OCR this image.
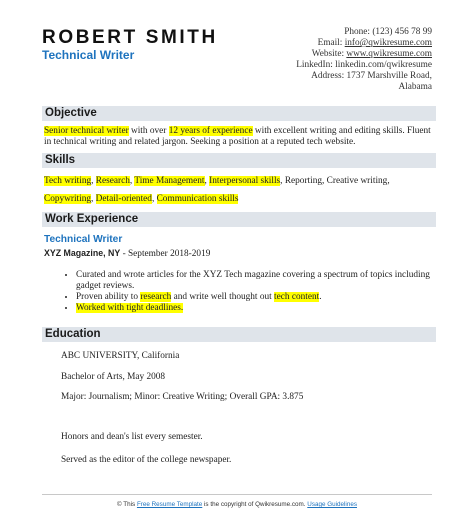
ROBERT SMITH
Technical Writer
Phone: (123) 456 78 99
Email: info@qwikresume.com
Website: www.qwikresume.com
LinkedIn: linkedin.com/qwikresume
Address: 1737 Marshville Road,
Alabama
Objective
Senior technical writer with over 12 years of experience with excellent writing and editing skills. Fluent in technical writing and related jargon. Seeking a position at a reputed tech website.
Skills
Tech writing, Research, Time Management, Interpersonal skills, Reporting, Creative writing,
Copywriting, Detail-oriented, Communication skills
Work Experience
Technical Writer
XYZ Magazine, NY - September 2018-2019
• Curated and wrote articles for the XYZ Tech magazine covering a spectrum of topics including gadget reviews.
• Proven ability to research and write well thought out tech content.
• Worked with tight deadlines.
Education
ABC UNIVERSITY, California
Bachelor of Arts, May 2008
Major: Journalism; Minor: Creative Writing; Overall GPA: 3.875
Honors and dean's list every semester.
Served as the editor of the college newspaper.
© This Free Resume Template is the copyright of Qwikresume.com. Usage Guidelines
